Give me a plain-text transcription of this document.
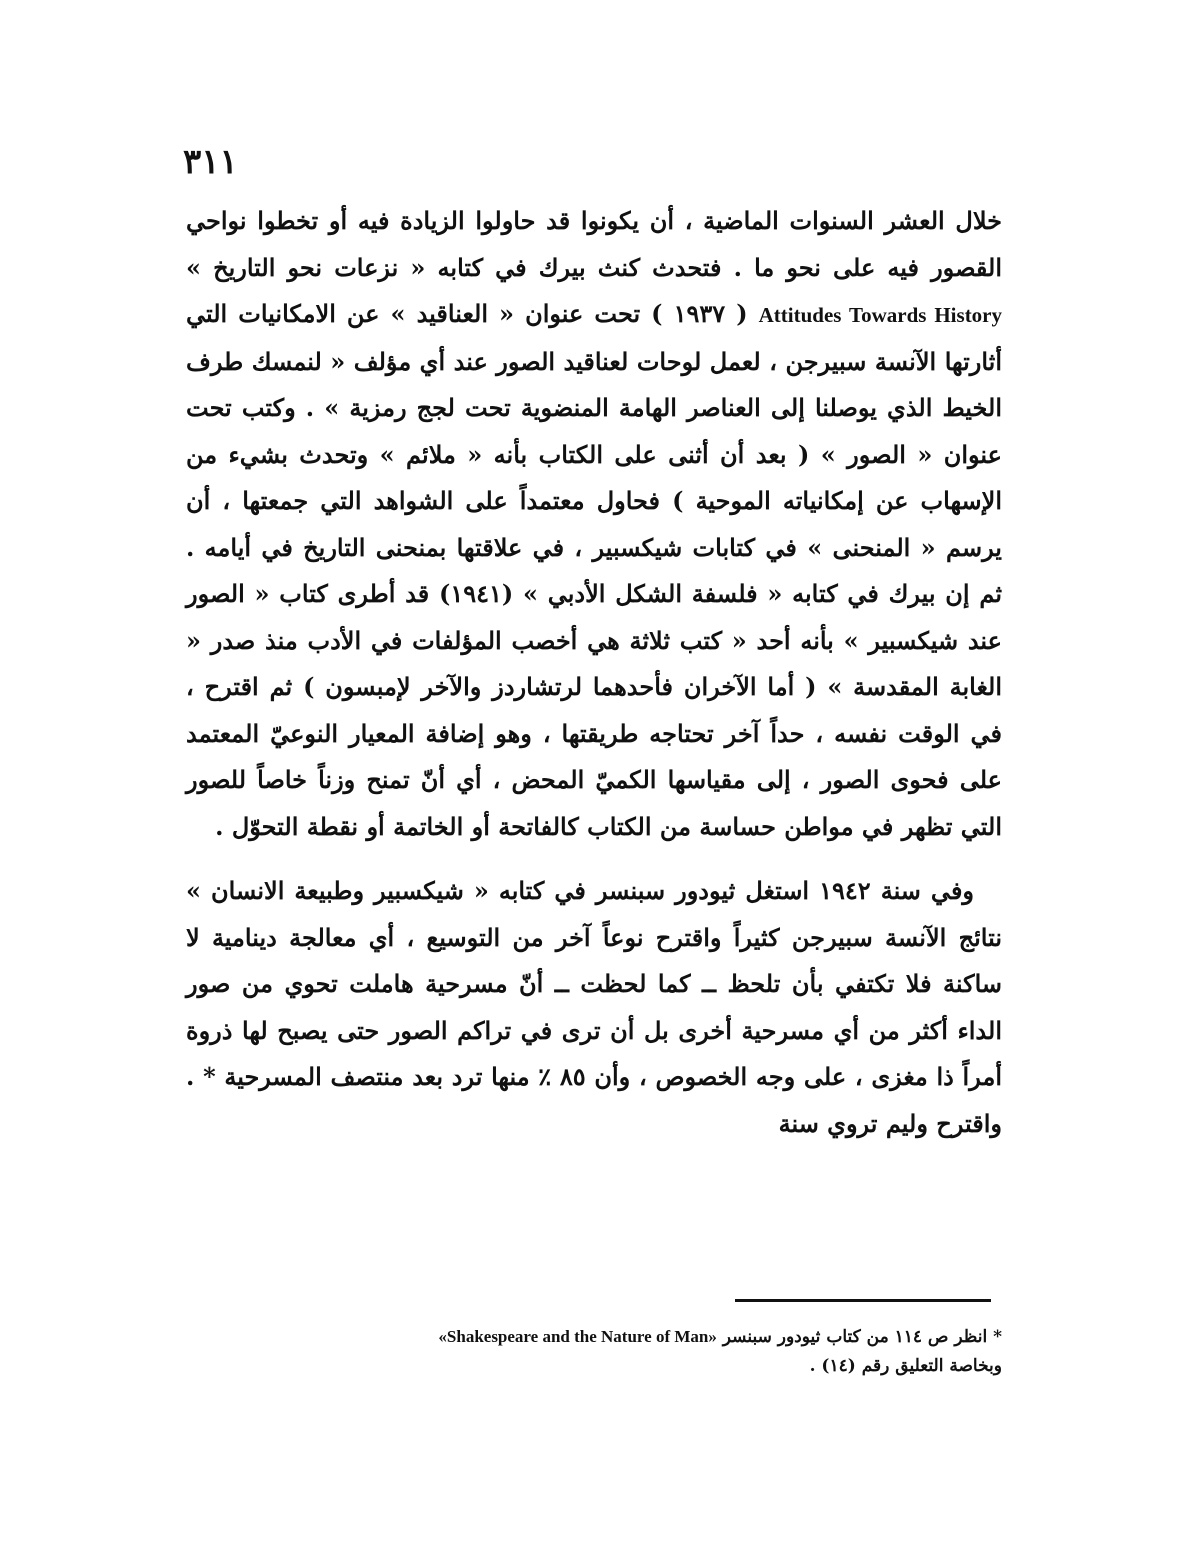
٣١١

خلال العشر السنوات الماضية ، أن يكونوا قد حاولوا الزيادة فيه أو تخطوا نواحي القصور فيه على نحو ما . فتحدث كنث بيرك في كتابه « نزعات نحو التاريخ » Attitudes Towards History ( ١٩٣٧ ) تحت عنوان « العناقيد » عن الامكانيات التي أثارتها الآنسة سبيرجن ، لعمل لوحات لعناقيد الصور عند أي مؤلف « لنمسك طرف الخيط الذي يوصلنا إلى العناصر الهامة المنضوية تحت لجج رمزية » . وكتب تحت عنوان « الصور » ( بعد أن أثنى على الكتاب بأنه « ملائم » وتحدث بشيء من الإسهاب عن إمكانياته الموحية ) فحاول معتمداً على الشواهد التي جمعتها ، أن يرسم « المنحنى » في كتابات شيكسبير ، في علاقتها بمنحنى التاريخ في أيامه . ثم إن بيرك في كتابه « فلسفة الشكل الأدبي » (١٩٤١) قد أطرى كتاب « الصور عند شيكسبير » بأنه أحد « كتب ثلاثة هي أخصب المؤلفات في الأدب منذ صدر « الغابة المقدسة » ( أما الآخران فأحدهما لرتشاردز والآخر لإمبسون ) ثم اقترح ، في الوقت نفسه ، حداً آخر تحتاجه طريقتها ، وهو إضافة المعيار النوعيّ المعتمد على فحوى الصور ، إلى مقياسها الكميّ المحض ، أي أنّ تمنح وزناً خاصاً للصور التي تظهر في مواطن حساسة من الكتاب كالفاتحة أو الخاتمة أو نقطة التحوّل .

وفي سنة ١٩٤٢ استغل ثيودور سبنسر في كتابه « شيكسبير وطبيعة الانسان » نتائج الآنسة سبيرجن كثيراً واقترح نوعاً آخر من التوسيع ، أي معالجة دينامية لا ساكنة فلا تكتفي بأن تلحظ ــ كما لحظت ــ أنّ مسرحية هاملت تحوي من صور الداء أكثر من أي مسرحية أخرى بل أن ترى في تراكم الصور حتى يصبح لها ذروة أمراً ذا مغزى ، على وجه الخصوص ، وأن ٨٥ ٪ منها ترد بعد منتصف المسرحية * . واقترح وليم تروي سنة

* انظر ص ١١٤ من كتاب ثيودور سبنسر «Shakespeare and the Nature of Man»

وبخاصة التعليق رقم (١٤) .
